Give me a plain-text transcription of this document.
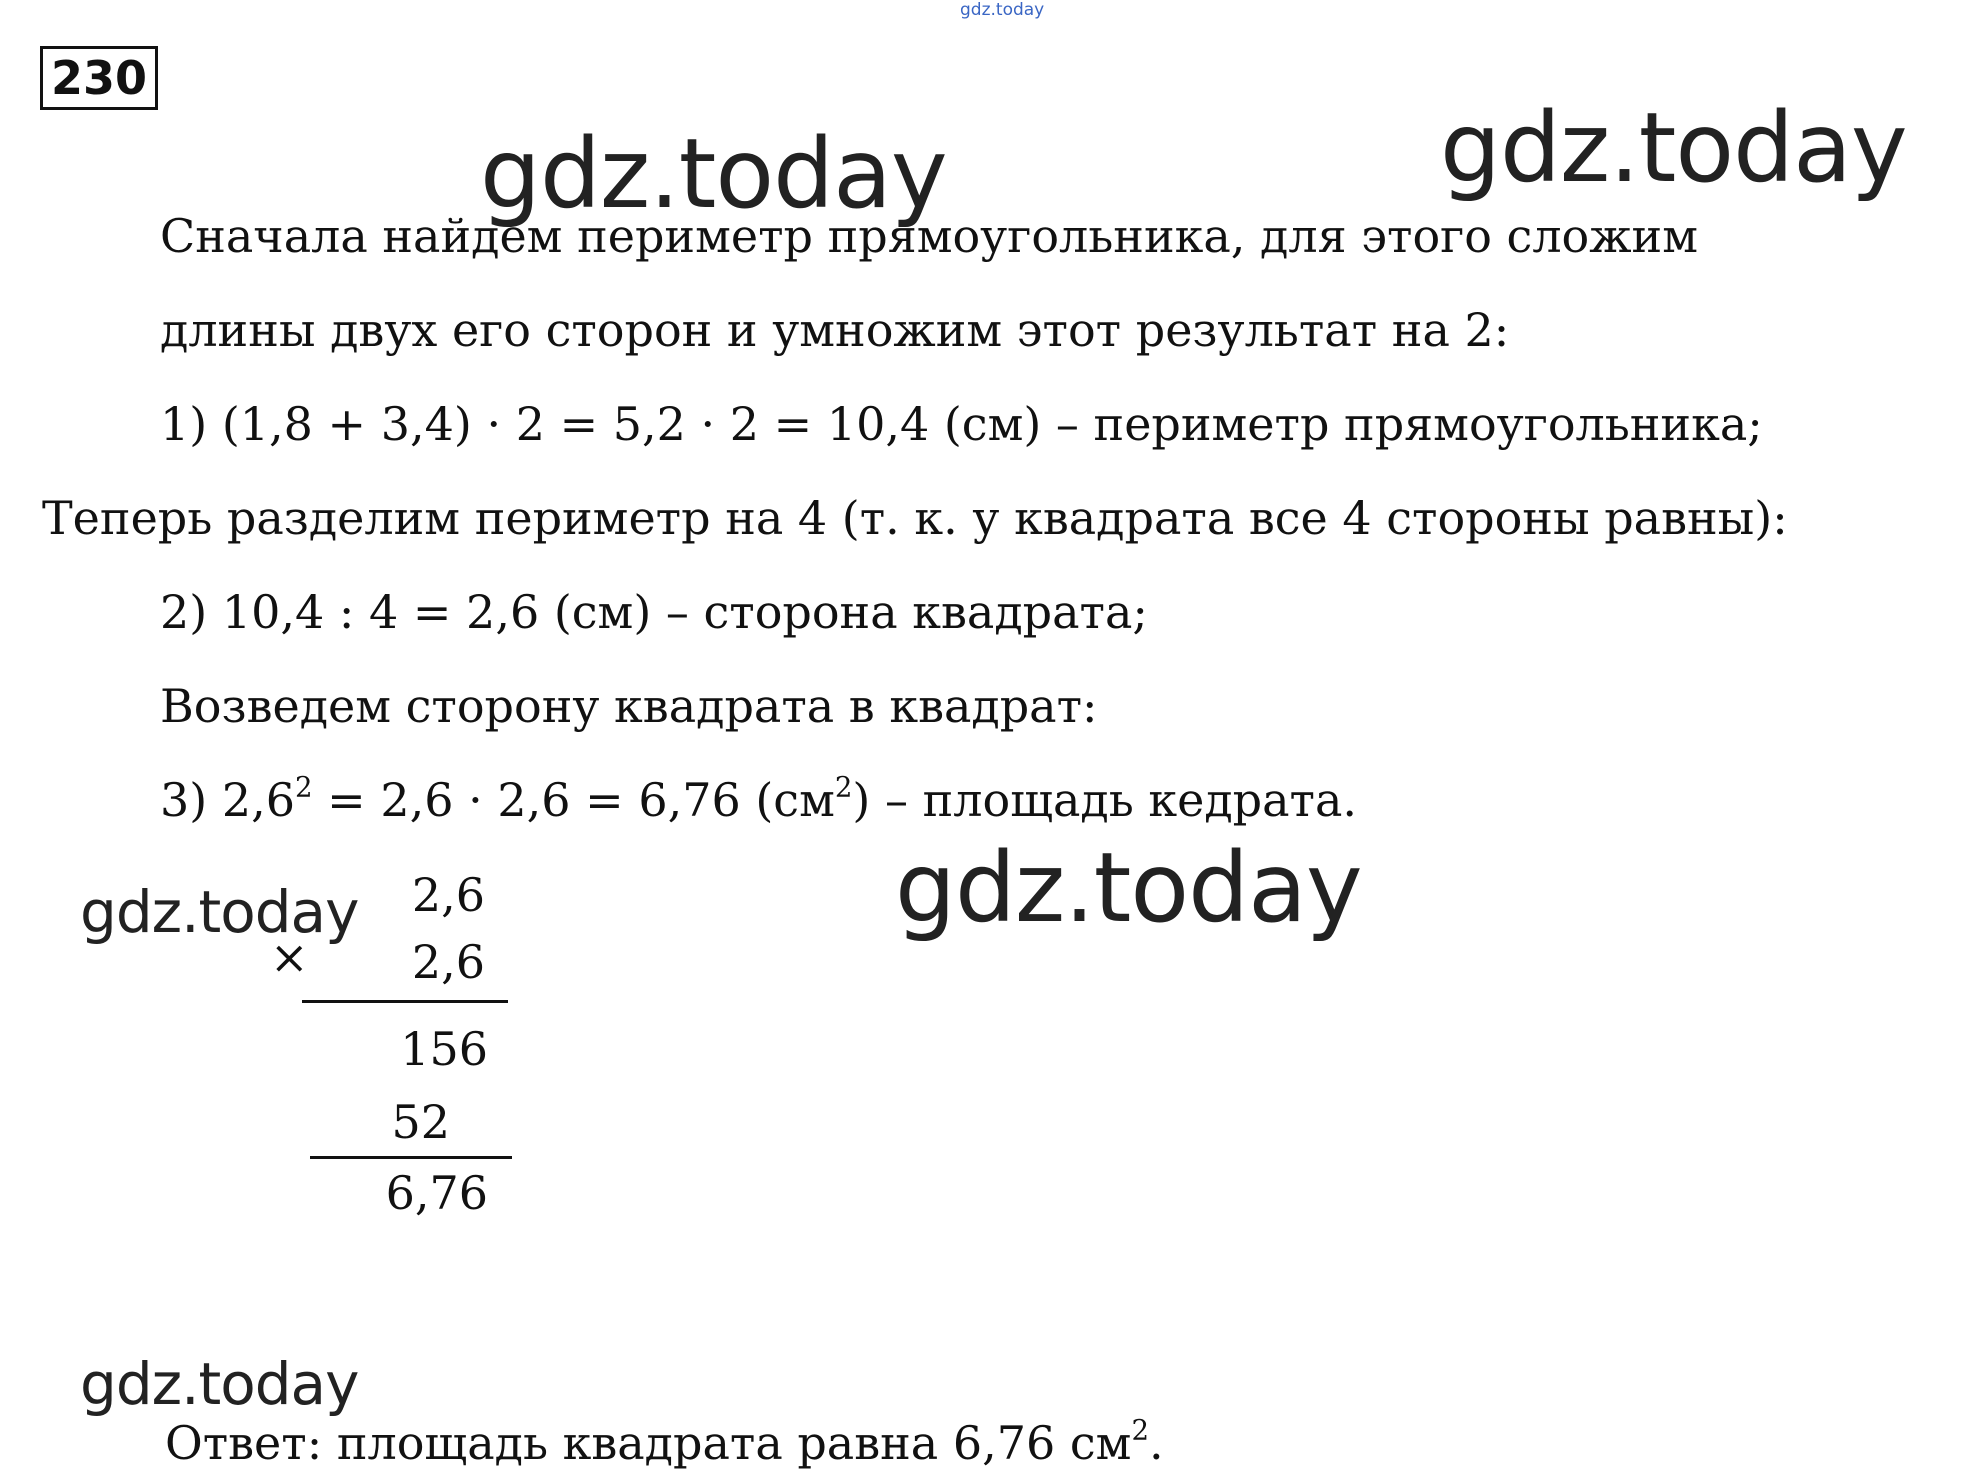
gdz.today
230
gdz.today	gdz.today
gdz.today
gdz.today
gdz.today
Сначала найдем периметр прямоугольника, для этого сложим
длины двух его сторон и умножим этот результат на 2:
1) (1,8 + 3,4) · 2 = 5,2 · 2 = 10,4 (см) – периметр прямоугольника;
Теперь разделим периметр на 4 (т. к. у квадрата все 4 стороны равны):
2) 10,4 : 4 = 2,6 (см) – сторона квадрата;
Возведем сторону квадрата в квадрат:
3) $2,6^2 = 2,6 \cdot 2,6 = 6,76$ $(см^2)$ – площадь кедрата.
2,6
×	2,6
156
52
6,76
Ответ: площадь квадрата равна 6,76 $см^2$.
